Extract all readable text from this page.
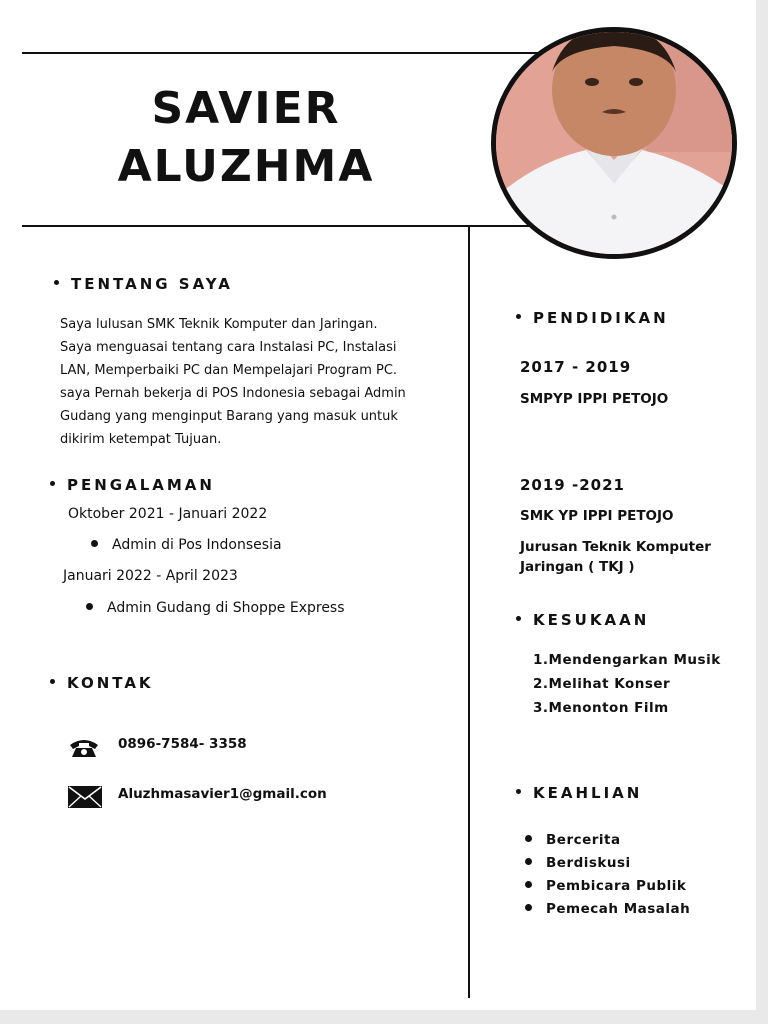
SAVIER
ALUZHMA
TENTANG SAYA
Saya lulusan SMK Teknik Komputer dan Jaringan.
Saya menguasai tentang cara Instalasi PC, Instalasi
LAN, Memperbaiki PC dan Mempelajari Program PC.
saya Pernah bekerja di POS Indonesia sebagai Admin
Gudang yang menginput Barang yang masuk untuk
dikirim ketempat Tujuan.
PENGALAMAN
Oktober 2021 - Januari 2022
Admin di Pos Indonsesia
Januari 2022 - April 2023
Admin Gudang di Shoppe Express
KONTAK
0896-7584- 3358
Aluzhmasavier1@gmail.con
PENDIDIKAN
2017 - 2019
SMPYP IPPI PETOJO
2019 -2021
SMK YP IPPI PETOJO
Jurusan Teknik Komputer
Jaringan ( TKJ )
KESUKAAN
1.Mendengarkan Musik
2.Melihat Konser
3.Menonton Film
KEAHLIAN
Bercerita
Berdiskusi
Pembicara Publik
Pemecah Masalah
